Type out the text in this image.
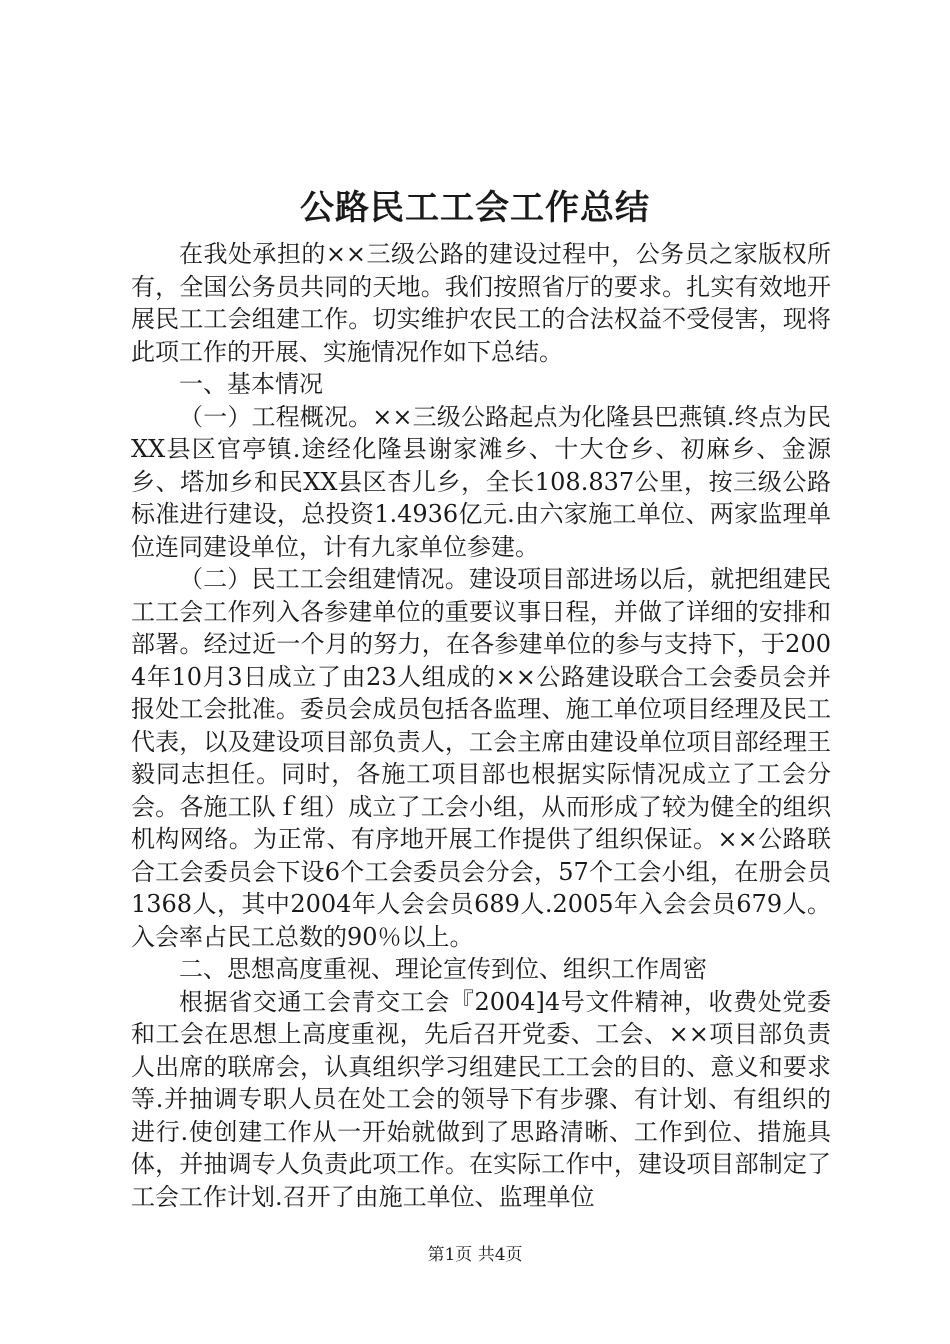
公路民工工会工作总结

在我处承担的××三级公路的建设过程中，公务员之家版权所有，全国公务员共同的天地。我们按照省厅的要求。扎实有效地开展民工工会组建工作。切实维护农民工的合法权益不受侵害，现将此项工作的开展、实施情况作如下总结。

一、基本情况

（一）工程概况。××三级公路起点为化隆县巴燕镇.终点为民XX县区官亭镇.途经化隆县谢家滩乡、十大仓乡、初麻乡、金源乡、塔加乡和民XX县区杏儿乡，全长108.837公里，按三级公路标准进行建设，总投资1.4936亿元.由六家施工单位、两家监理单位连同建设单位，计有九家单位参建。

（二）民工工会组建情况。建设项目部进场以后，就把组建民工工会工作列入各参建单位的重要议事日程，并做了详细的安排和部署。经过近一个月的努力，在各参建单位的参与支持下，于2004年10月3日成立了由23人组成的××公路建设联合工会委员会并报处工会批准。委员会成员包括各监理、施工单位项目经理及民工代表，以及建设项目部负责人，工会主席由建设单位项目部经理王毅同志担任。同时，各施工项目部也根据实际情况成立了工会分会。各施工队ｆ组）成立了工会小组，从而形成了较为健全的组织机构网络。为正常、有序地开展工作提供了组织保证。××公路联合工会委员会下设6个工会委员会分会，57个工会小组，在册会员1368人，其中2004年人会会员689人.2005年入会会员679人。入会率占民工总数的90％以上。

二、思想高度重视、理论宣传到位、组织工作周密

根据省交通工会青交工会『2004]4号文件精神，收费处党委和工会在思想上高度重视，先后召开党委、工会、××项目部负责人出席的联席会，认真组织学习组建民工工会的目的、意义和要求等.并抽调专职人员在处工会的领导下有步骤、有计划、有组织的进行.使创建工作从一开始就做到了思路清晰、工作到位、措施具体，并抽调专人负责此项工作。在实际工作中，建设项目部制定了工会工作计划.召开了由施工单位、监理单位

第1页 共4页
